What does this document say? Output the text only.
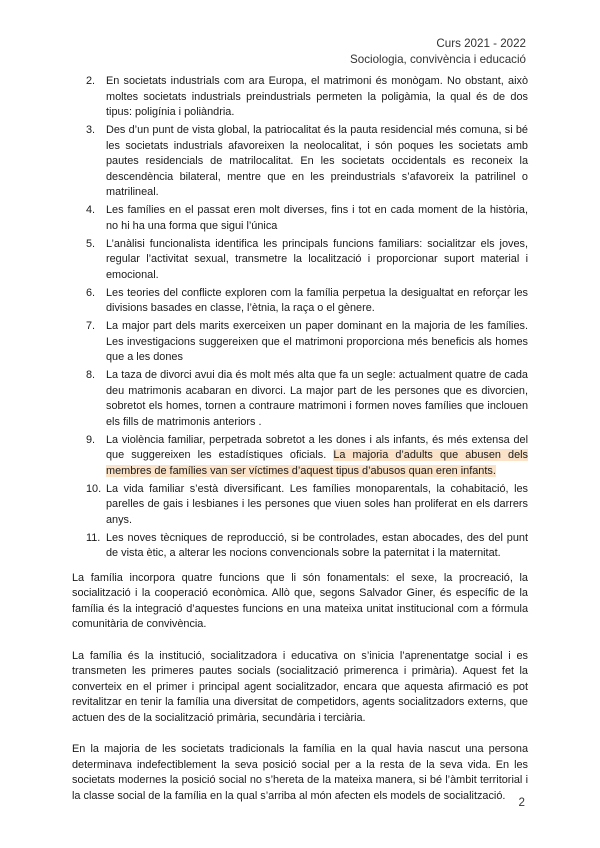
Curs 2021 - 2022
Sociologia, convivència i educació
2. En societats industrials com ara Europa, el matrimoni és monògam. No obstant, això moltes societats industrials preindustrials permeten la poligàmia, la qual és de dos tipus: poligínia i poliàndria.
3. Des d’un punt de vista global, la patriocalitat és la pauta residencial més comuna, si bé les societats industrials afavoreixen la neolocalitat, i són poques les societats amb pautes residencials de matrilocalitat. En les societats occidentals es reconeix la descendència bilateral, mentre que en les preindustrials s’afavoreix la patrilinel o matrilineal.
4. Les famílies en el passat eren molt diverses, fins i tot en cada moment de la història, no hi ha una forma que sigui l’única
5. L’anàlisi funcionalista identifica les principals funcions familiars: socialitzar els joves, regular l’activitat sexual, transmetre la localització i proporcionar suport material i emocional.
6. Les teories del conflicte exploren com la família perpetua la desigualtat en reforçar les divisions basades en classe, l’ètnia, la raça o el gènere.
7. La major part dels marits exerceixen un paper dominant en la majoria de les famílies. Les investigacions suggereixen que el matrimoni proporciona més beneficis als homes que a les dones
8. La taza de divorci avui dia és molt més alta que fa un segle: actualment quatre de cada deu matrimonis acabaran en divorci. La major part de les persones que es divorcien, sobretot els homes, tornen a contraure matrimoni i formen noves famílies que inclouen els fills de matrimonis anteriors .
9. La violència familiar, perpetrada sobretot a les dones i als infants, és més extensa del que suggereixen les estadístiques oficials. La majoria d’adults que abusen dels membres de famílies van ser víctimes d’aquest tipus d’abusos quan eren infants.
10. La vida familiar s’està diversificant. Les famílies monoparentals, la cohabitació, les parelles de gais i lesbianes i les persones que viuen soles han proliferat en els darrers anys.
11. Les noves tècniques de reproducció, si be controlades, estan abocades, des del punt de vista ètic, a alterar les nocions convencionals sobre la paternitat i la maternitat.

La família incorpora quatre funcions que li són fonamentals: el sexe, la procreació, la socialització i la cooperació econòmica. Allò que, segons Salvador Giner, és específic de la família és la integració d’aquestes funcions en una mateixa unitat institucional com a fórmula comunitària de convivència.

La família és la institució, socialitzadora i educativa on s’inicia l’aprenentatge social i es transmeten les primeres pautes socials (socialització primerenca i primària). Aquest fet la converteix en el primer i principal agent socialitzador, encara que aquesta afirmació es pot revitalitzar en tenir la família una diversitat de competidors, agents socialitzadors externs, que actuen des de la socialització primària, secundària i terciària.

En la majoria de les societats tradicionals la família en la qual havia nascut una persona determinava indefectiblement la seva posició social per a la resta de la seva vida. En les societats modernes la posició social no s’hereta de la mateixa manera, si bé l’àmbit territorial i la classe social de la família en la qual s’arriba al món afecten els models de socialització.

2
